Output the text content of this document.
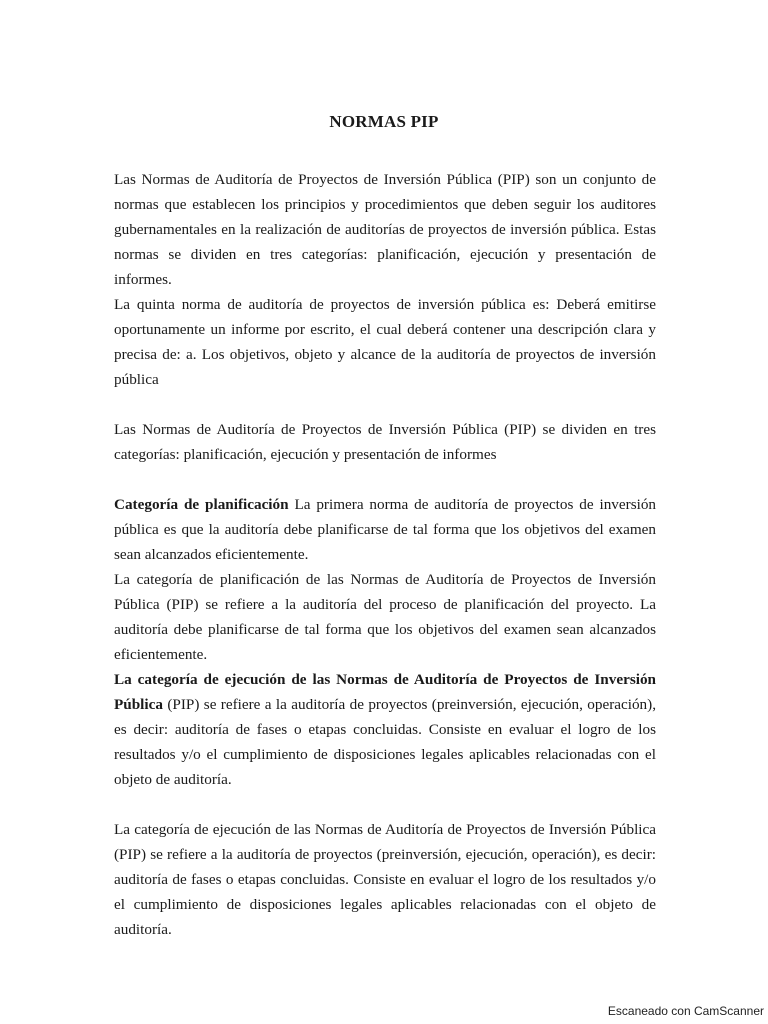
NORMAS PIP

Las Normas de Auditoría de Proyectos de Inversión Pública (PIP) son un conjunto de normas que establecen los principios y procedimientos que deben seguir los auditores gubernamentales en la realización de auditorías de proyectos de inversión pública. Estas normas se dividen en tres categorías: planificación, ejecución y presentación de informes.

La quinta norma de auditoría de proyectos de inversión pública es: Deberá emitirse oportunamente un informe por escrito, el cual deberá contener una descripción clara y precisa de: a. Los objetivos, objeto y alcance de la auditoría de proyectos de inversión pública

Las Normas de Auditoría de Proyectos de Inversión Pública (PIP) se dividen en tres categorías: planificación, ejecución y presentación de informes

Categoría de planificación La primera norma de auditoría de proyectos de inversión pública es que la auditoría debe planificarse de tal forma que los objetivos del examen sean alcanzados eficientemente.

La categoría de planificación de las Normas de Auditoría de Proyectos de Inversión Pública (PIP) se refiere a la auditoría del proceso de planificación del proyecto. La auditoría debe planificarse de tal forma que los objetivos del examen sean alcanzados eficientemente.

La categoría de ejecución de las Normas de Auditoría de Proyectos de Inversión Pública (PIP) se refiere a la auditoría de proyectos (preinversión, ejecución, operación), es decir: auditoría de fases o etapas concluidas. Consiste en evaluar el logro de los resultados y/o el cumplimiento de disposiciones legales aplicables relacionadas con el objeto de auditoría.

La categoría de ejecución de las Normas de Auditoría de Proyectos de Inversión Pública (PIP) se refiere a la auditoría de proyectos (preinversión, ejecución, operación), es decir: auditoría de fases o etapas concluidas. Consiste en evaluar el logro de los resultados y/o el cumplimiento de disposiciones legales aplicables relacionadas con el objeto de auditoría.

Escaneado con CamScanner
